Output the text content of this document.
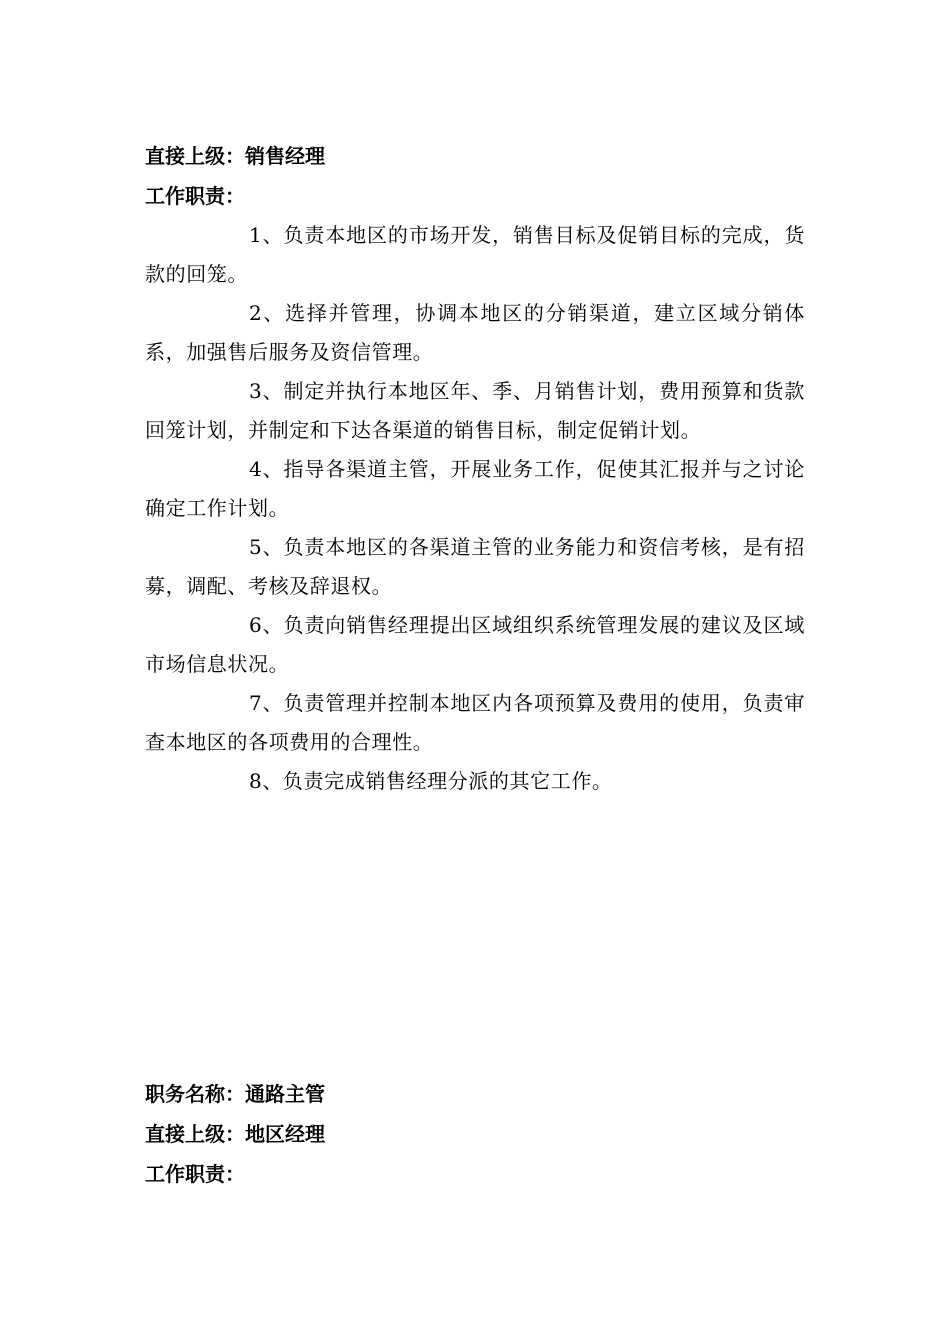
直接上级：销售经理
工作职责：

1、负责本地区的市场开发，销售目标及促销目标的完成，货款的回笼。

2、选择并管理，协调本地区的分销渠道，建立区域分销体系，加强售后服务及资信管理。

3、制定并执行本地区年、季、月销售计划，费用预算和货款回笼计划，并制定和下达各渠道的销售目标，制定促销计划。

4、指导各渠道主管，开展业务工作，促使其汇报并与之讨论确定工作计划。

5、负责本地区的各渠道主管的业务能力和资信考核，是有招募，调配、考核及辞退权。

6、负责向销售经理提出区域组织系统管理发展的建议及区域市场信息状况。

7、负责管理并控制本地区内各项预算及费用的使用，负责审查本地区的各项费用的合理性。

8、负责完成销售经理分派的其它工作。

职务名称：通路主管
直接上级：地区经理
工作职责：
